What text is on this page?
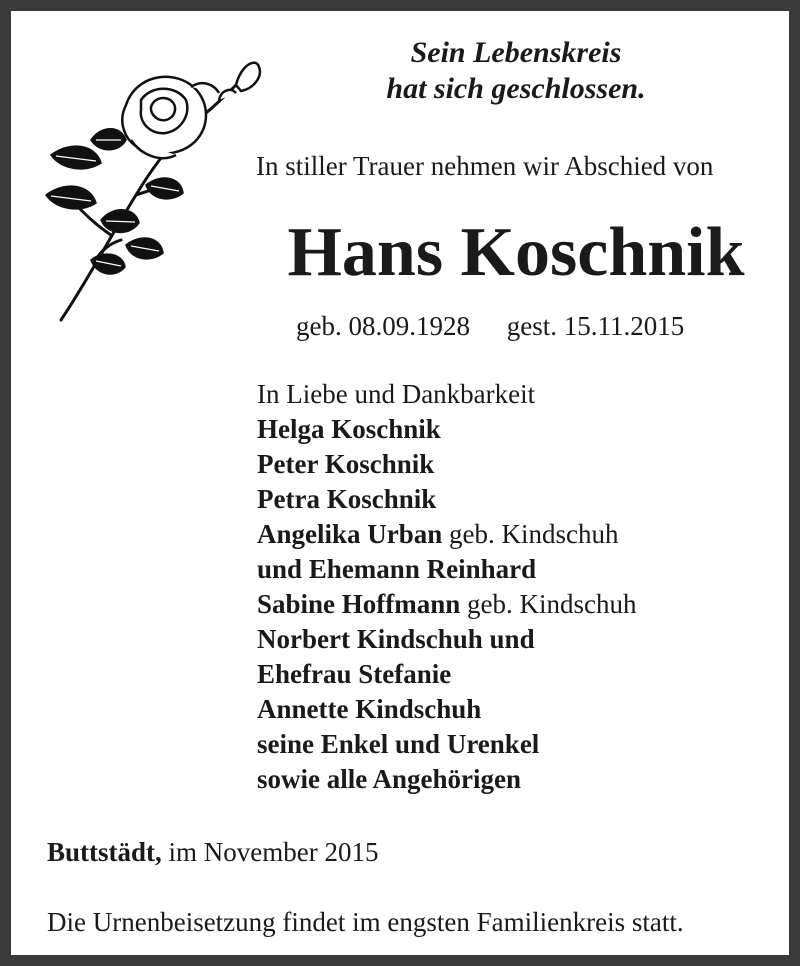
Sein Lebenskreis
hat sich geschlossen.
In stiller Trauer nehmen wir Abschied von
Hans Koschnik
geb. 08.09.1928 gest. 15.11.2015
In Liebe und Dankbarkeit
Helga Koschnik
Peter Koschnik
Petra Koschnik
Angelika Urban geb. Kindschuh
und Ehemann Reinhard
Sabine Hoffmann geb. Kindschuh
Norbert Kindschuh und
Ehefrau Stefanie
Annette Kindschuh
seine Enkel und Urenkel
sowie alle Angehörigen
Buttstädt, im November 2015
Die Urnenbeisetzung findet im engsten Familienkreis statt.
